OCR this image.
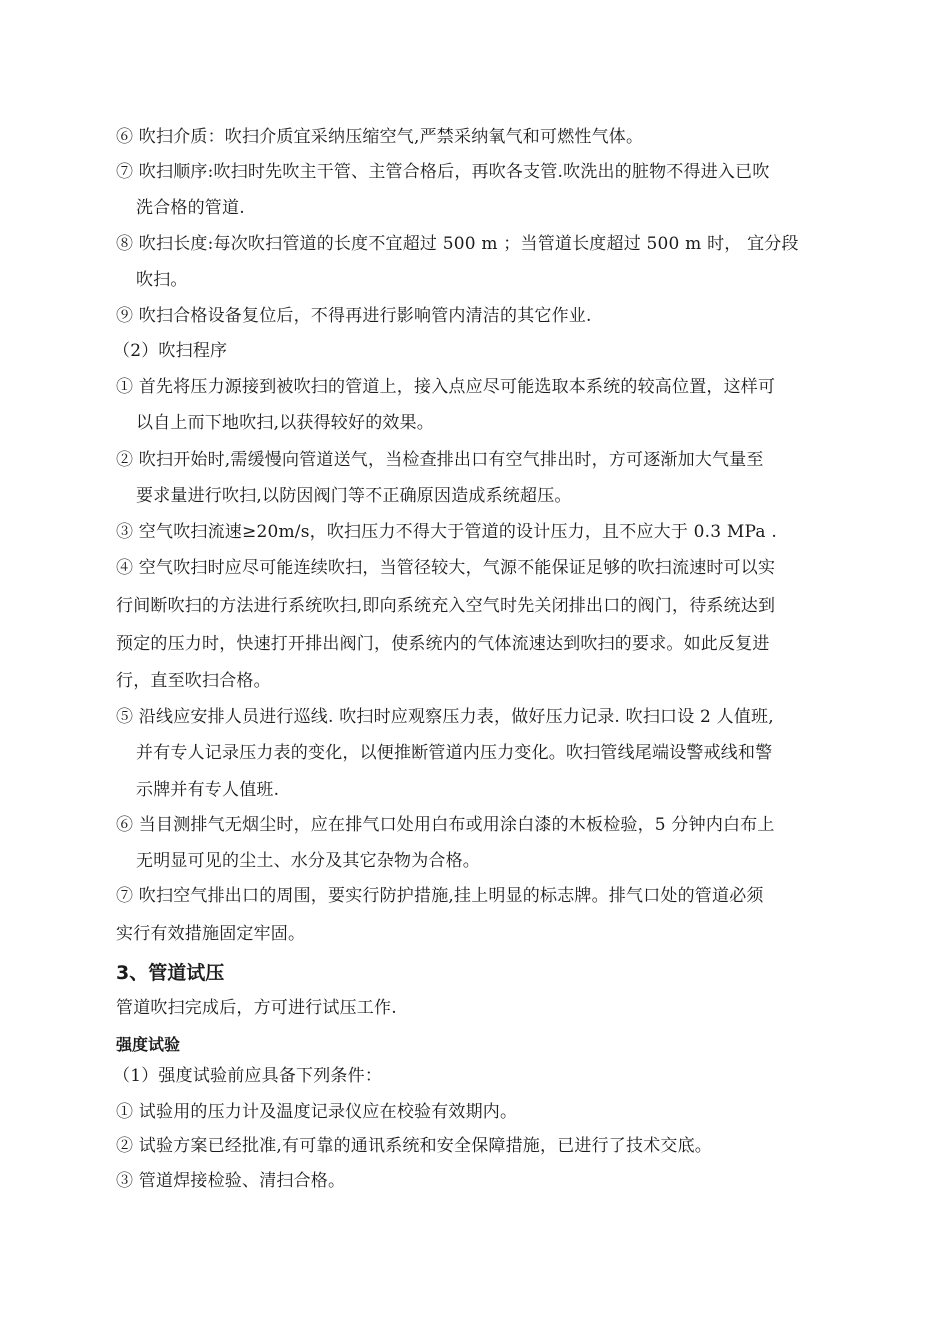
⑥ 吹扫介质：吹扫介质宜采纳压缩空气,严禁采纳氧气和可燃性气体。
⑦ 吹扫顺序:吹扫时先吹主干管、主管合格后，再吹各支管.吹洗出的脏物不得进入已吹
洗合格的管道.
⑧ 吹扫长度:每次吹扫管道的长度不宜超过 500 m ；当管道长度超过 500 m 时， 宜分段
吹扫。
⑨ 吹扫合格设备复位后，不得再进行影响管内清洁的其它作业.
（2）吹扫程序
① 首先将压力源接到被吹扫的管道上，接入点应尽可能选取本系统的较高位置，这样可
以自上而下地吹扫,以获得较好的效果。
② 吹扫开始时,需缓慢向管道送气，当检查排出口有空气排出时，方可逐渐加大气量至
要求量进行吹扫,以防因阀门等不正确原因造成系统超压。
③ 空气吹扫流速≥20m/s，吹扫压力不得大于管道的设计压力，且不应大于 0.3 MPa .
④ 空气吹扫时应尽可能连续吹扫，当管径较大，气源不能保证足够的吹扫流速时可以实
行间断吹扫的方法进行系统吹扫,即向系统充入空气时先关闭排出口的阀门，待系统达到
预定的压力时，快速打开排出阀门，使系统内的气体流速达到吹扫的要求。如此反复进
行，直至吹扫合格。
⑤ 沿线应安排人员进行巡线. 吹扫时应观察压力表，做好压力记录. 吹扫口设 2 人值班,
并有专人记录压力表的变化，以便推断管道内压力变化。吹扫管线尾端设警戒线和警
示牌并有专人值班.
⑥ 当目测排气无烟尘时，应在排气口处用白布或用涂白漆的木板检验，5 分钟内白布上
无明显可见的尘土、水分及其它杂物为合格。
⑦ 吹扫空气排出口的周围，要实行防护措施,挂上明显的标志牌。排气口处的管道必须
实行有效措施固定牢固。
3、管道试压
管道吹扫完成后，方可进行试压工作.
强度试验
（1）强度试验前应具备下列条件：
① 试验用的压力计及温度记录仪应在校验有效期内。
② 试验方案已经批准,有可靠的通讯系统和安全保障措施，已进行了技术交底。
③ 管道焊接检验、清扫合格。
